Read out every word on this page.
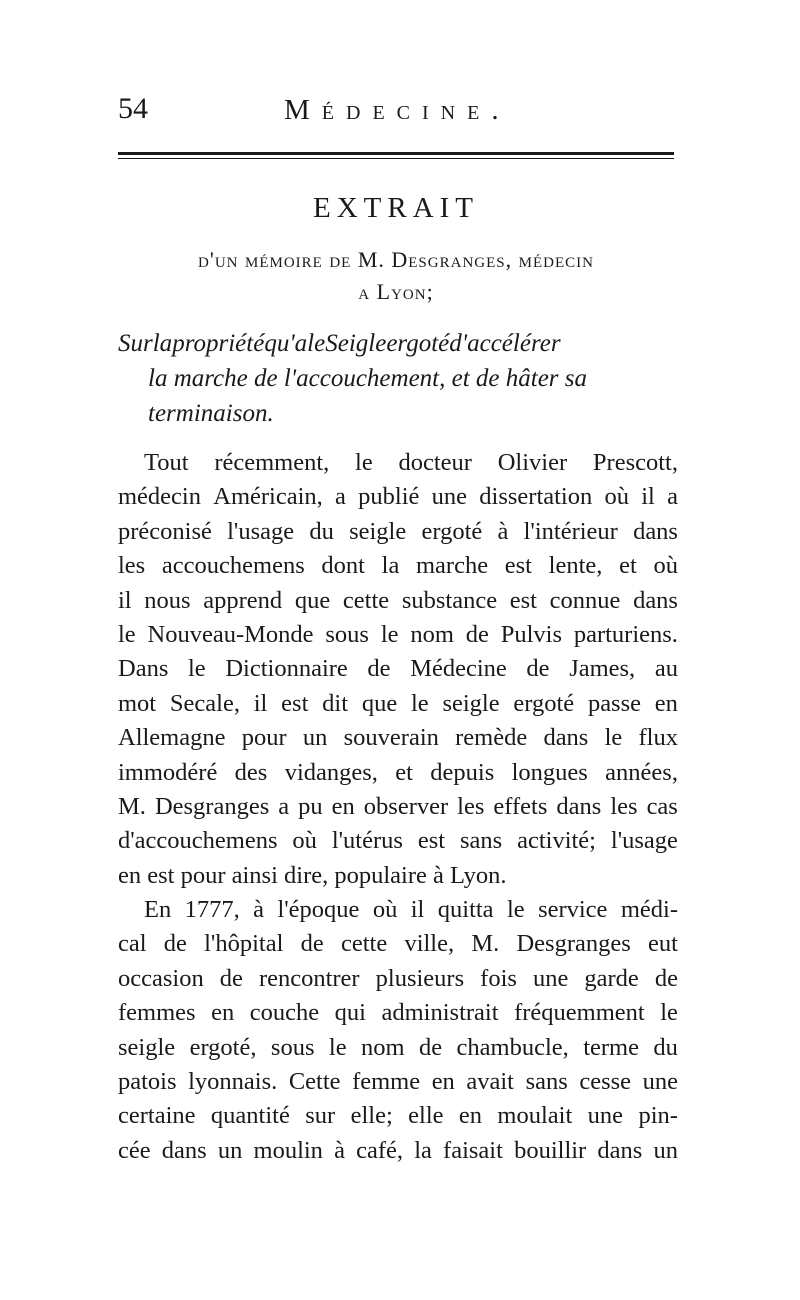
54	Médecine.
EXTRAIT
d'un mémoire de M. Desgranges, médecin
a Lyon;
Surlapropriétéqu'aleSeigleergotéd'accélérer
la marche de l'accouchement, et de hâter sa
terminaison.
Tout récemment, le docteur Olivier Prescott,
médecin Américain, a publié une dissertation où il a
préconisé l'usage du seigle ergoté à l'intérieur dans
les accouchemens dont la marche est lente, et où
il nous apprend que cette substance est connue dans
le Nouveau-Monde sous le nom de Pulvis parturiens.
Dans le Dictionnaire de Médecine de James, au
mot Secale, il est dit que le seigle ergoté passe en
Allemagne pour un souverain remède dans le flux
immodéré des vidanges, et depuis longues années,
M. Desgranges a pu en observer les effets dans les cas
d'accouchemens où l'utérus est sans activité; l'usage
en est pour ainsi dire, populaire à Lyon.
En 1777, à l'époque où il quitta le service médi-
cal de l'hôpital de cette ville, M. Desgranges eut
occasion de rencontrer plusieurs fois une garde de
femmes en couche qui administrait fréquemment le
seigle ergoté, sous le nom de chambucle, terme du
patois lyonnais. Cette femme en avait sans cesse une
certaine quantité sur elle; elle en moulait une pin-
cée dans un moulin à café, la faisait bouillir dans un
